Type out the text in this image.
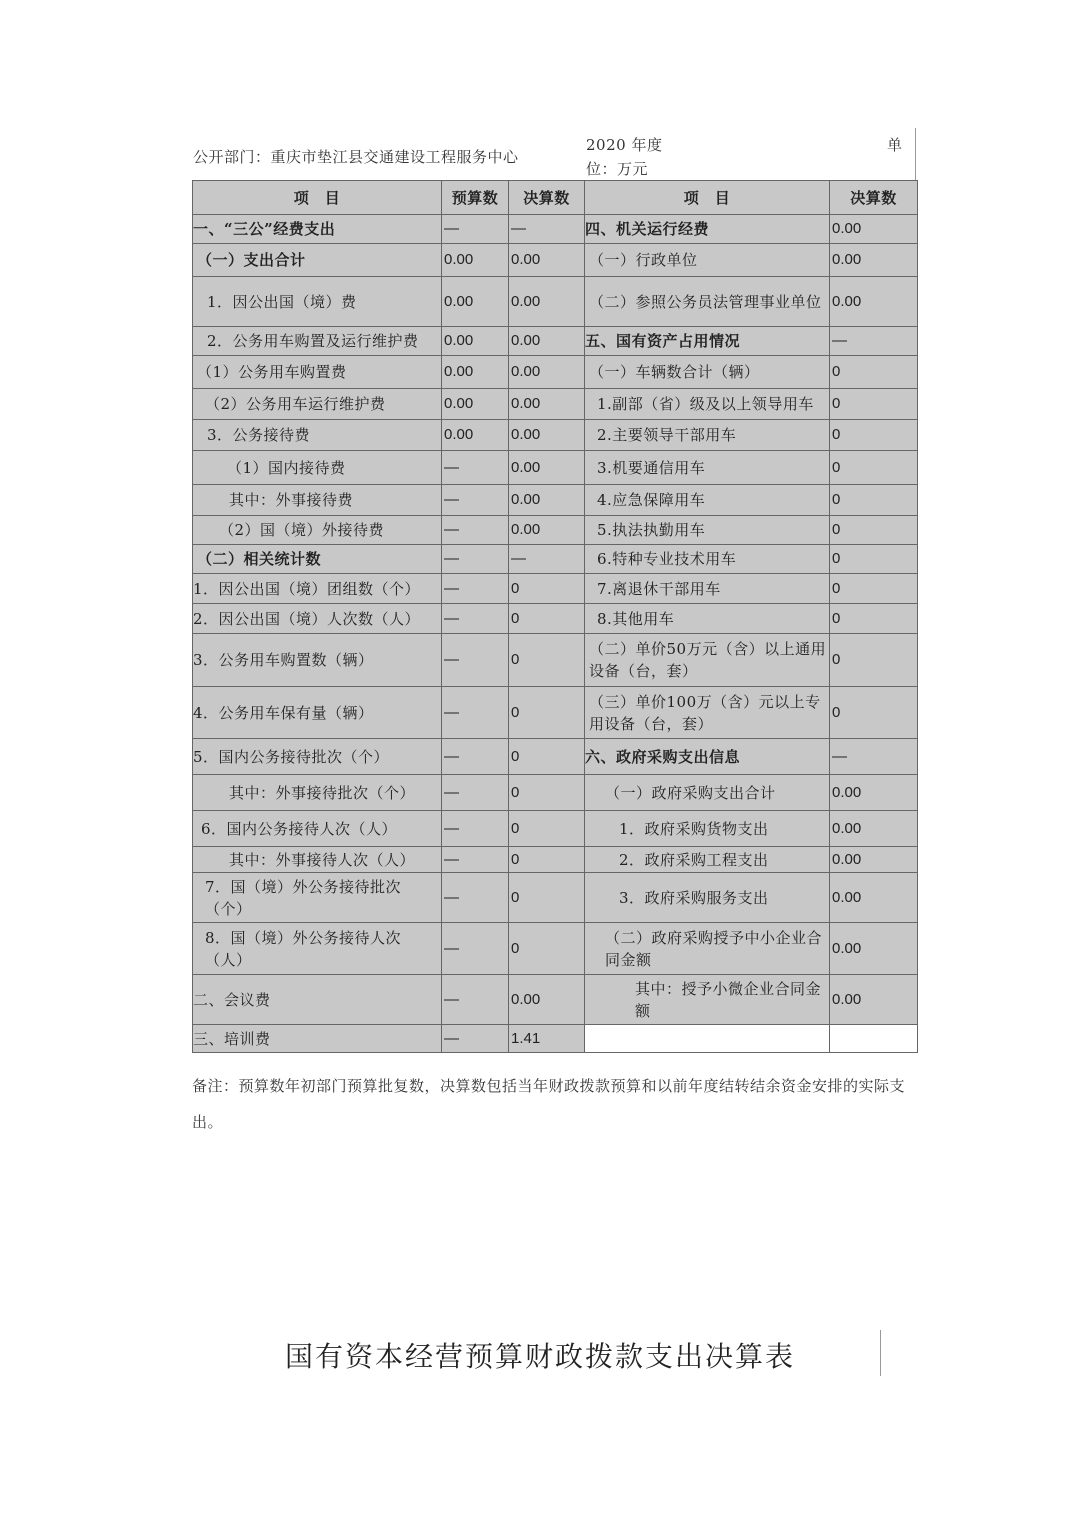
公开部门：重庆市垫江县交通建设工程服务中心
2020 年度	单
位：万元
项　目	预算数	决算数	项　目	决算数
一、“三公”经费支出	—	—	四、机关运行经费	0.00
（一）支出合计	0.00	0.00	（一）行政单位	0.00
1．因公出国（境）费	0.00	0.00	（二）参照公务员法管理事业单位	0.00
2．公务用车购置及运行维护费	0.00	0.00	五、国有资产占用情况	—
（1）公务用车购置费	0.00	0.00	（一）车辆数合计（辆）	0
（2）公务用车运行维护费	0.00	0.00	1.副部（省）级及以上领导用车	0
3．公务接待费	0.00	0.00	2.主要领导干部用车	0
（1）国内接待费	—	0.00	3.机要通信用车	0
其中：外事接待费	—	0.00	4.应急保障用车	0
（2）国（境）外接待费	—	0.00	5.执法执勤用车	0
（二）相关统计数	—	—	6.特种专业技术用车	0
1．因公出国（境）团组数（个）	—	0	7.离退休干部用车	0
2．因公出国（境）人次数（人）	—	0	8.其他用车	0
3．公务用车购置数（辆）	—	0	（二）单价50万元（含）以上通用设备（台，套）	0
4．公务用车保有量（辆）	—	0	（三）单价100万（含）元以上专用设备（台，套）	0
5．国内公务接待批次（个）	—	0	六、政府采购支出信息	—
其中：外事接待批次（个）	—	0	（一）政府采购支出合计	0.00
6．国内公务接待人次（人）	—	0	1．政府采购货物支出	0.00
其中：外事接待人次（人）	—	0	2．政府采购工程支出	0.00
7．国（境）外公务接待批次（个）	—	0	3．政府采购服务支出	0.00
8．国（境）外公务接待人次（人）	—	0	（二）政府采购授予中小企业合同金额	0.00
二、会议费	—	0.00	其中：授予小微企业合同金额	0.00
三、培训费	—	1.41		
备注：预算数年初部门预算批复数，决算数包括当年财政拨款预算和以前年度结转结余资金安排的实际支出。
国有资本经营预算财政拨款支出决算表
